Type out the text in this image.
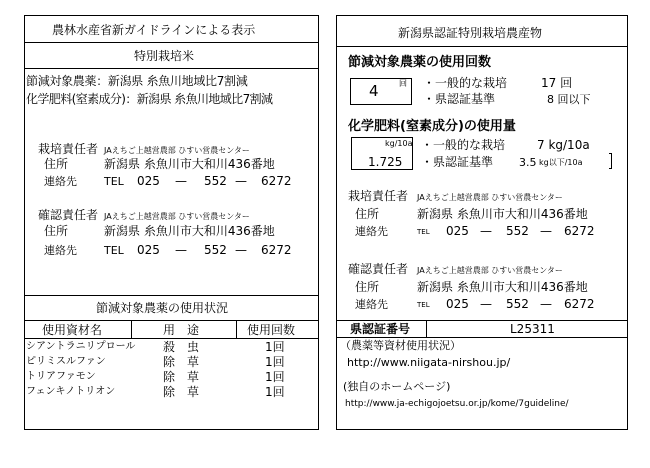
農林水産省新ガイドラインによる表示
特別栽培米
節減対象農薬：新潟県 糸魚川地域比7割減
化学肥料(窒素成分)：新潟県 糸魚川地域比7割減
栽培責任者 JAえちご上越営農部 ひすい営農センター
住所	新潟県 糸魚川市大和川436番地
連絡先 TEL 025 — 552 — 6272
確認責任者 JAえちご上越営農部 ひすい営農センター
住所	新潟県 糸魚川市大和川436番地
連絡先 TEL 025 — 552 — 6272
節減対象農薬の使用状況
使用資材名	用　途	使用回数
シアントラニリプロール 殺　虫	1回
ピリミスルファン	除　草	1回
トリアファモン	除　草	1回
フェンキノトリオン	除　草	1回
新潟県認証特別栽培農産物
節減対象農薬の使用回数
4	回 ・一般的な栽培	17 回
・県認証基準	8 回以下
化学肥料(窒素成分)の使用量
kg/10a
1.725
・一般的な栽培	7 kg/10a
・県認証基準 3.5 kg以下/10a
栽培責任者 JAえちご上越営農部 ひすい営農センター
住所	新潟県 糸魚川市大和川436番地
連絡先	TEL 025 — 552 — 6272
確認責任者 JAえちご上越営農部 ひすい営農センター
住所	新潟県 糸魚川市大和川436番地
連絡先	TEL 025 — 552 — 6272
県認証番号	L25311
（農薬等資材使用状況）
http://www.niigata-nirshou.jp/
(独自のホームページ)
http://www.ja-echigojoetsu.or.jp/kome/7guideline/
